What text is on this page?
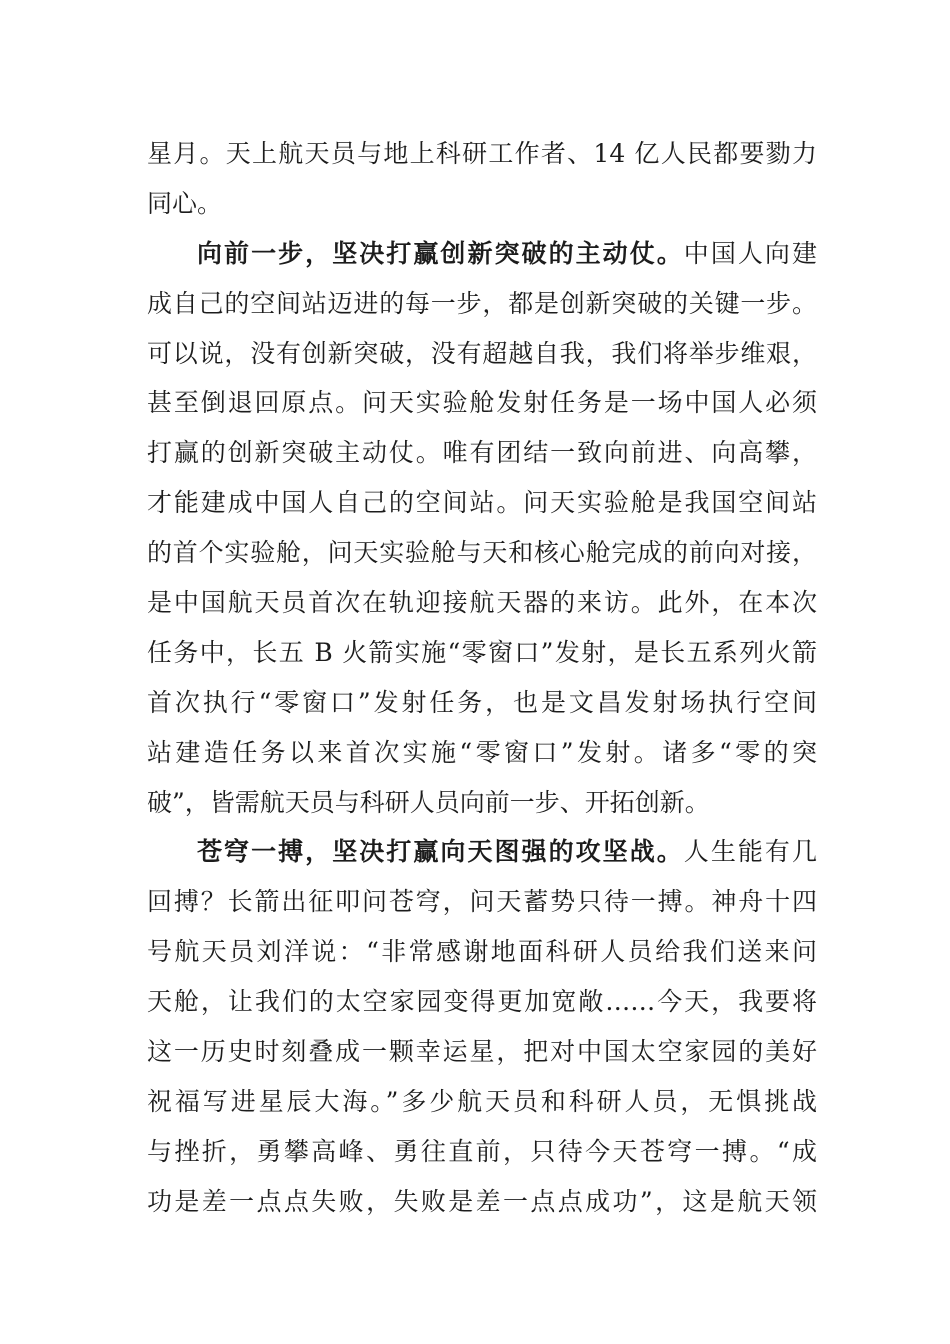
星月。天上航天员与地上科研工作者、14 亿人民都要勠力
同心。
向前一步，坚决打赢创新突破的主动仗。中国人向建
成自己的空间站迈进的每一步，都是创新突破的关键一步。
可以说，没有创新突破，没有超越自我，我们将举步维艰，
甚至倒退回原点。问天实验舱发射任务是一场中国人必须
打赢的创新突破主动仗。唯有团结一致向前进、向高攀，
才能建成中国人自己的空间站。问天实验舱是我国空间站
的首个实验舱，问天实验舱与天和核心舱完成的前向对接，
是中国航天员首次在轨迎接航天器的来访。此外，在本次
任务中，长五 B 火箭实施“零窗口”发射，是长五系列火箭
首次执行“零窗口”发射任务，也是文昌发射场执行空间
站建造任务以来首次实施“零窗口”发射。诸多“零的突
破”，皆需航天员与科研人员向前一步、开拓创新。
苍穹一搏，坚决打赢向天图强的攻坚战。人生能有几
回搏？长箭出征叩问苍穹，问天蓄势只待一搏。神舟十四
号航天员刘洋说：“非常感谢地面科研人员给我们送来问
天舱，让我们的太空家园变得更加宽敞……今天，我要将
这一历史时刻叠成一颗幸运星，把对中国太空家园的美好
祝福写进星辰大海。”多少航天员和科研人员，无惧挑战
与挫折，勇攀高峰、勇往直前，只待今天苍穹一搏。“成
功是差一点点失败，失败是差一点点成功”，这是航天领
